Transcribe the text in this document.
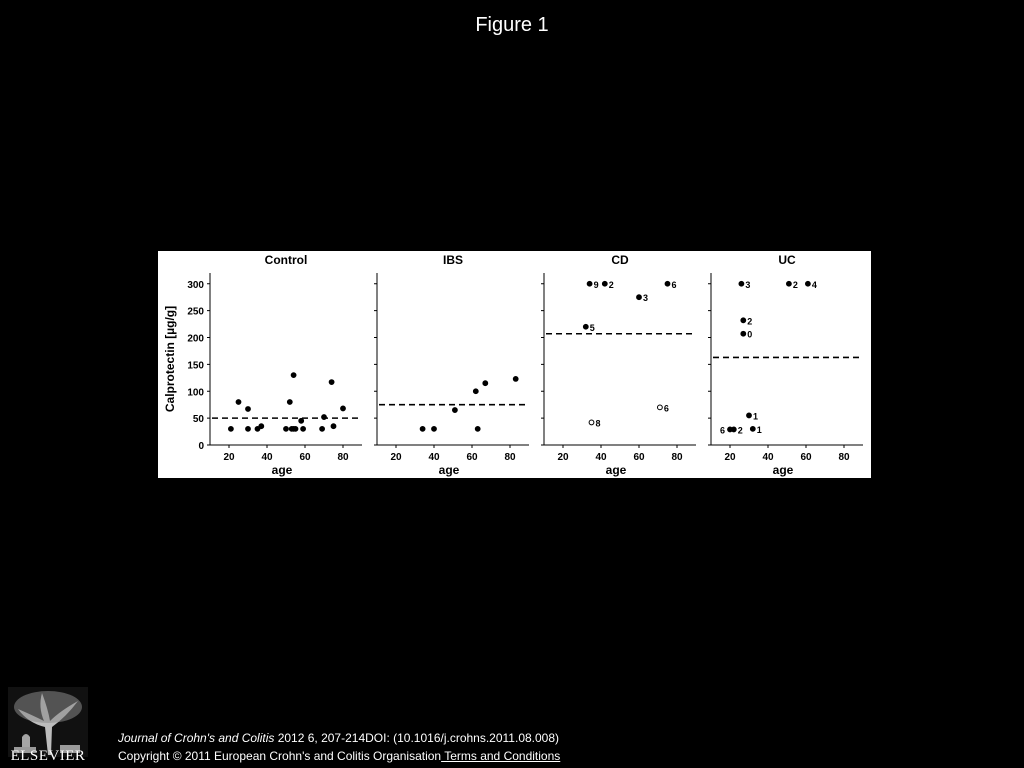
Figure 1
Calprotectin [µg/g]
0
50
100
150
200
250
300
Control
20	40	60	80
age
IBS
20	40	60	80
age
CD
20	40	60	80
age
9 2
3
6
5
8
6
UC
20	40	60	80
age
3	2 4
2
0
1
1
6 2
ELSEVIER
Journal of Crohn's and Colitis 2012 6, 207-214DOI: (10.1016/j.crohns.2011.08.008)
Copyright © 2011 European Crohn's and Colitis Organisation Terms and Conditions
